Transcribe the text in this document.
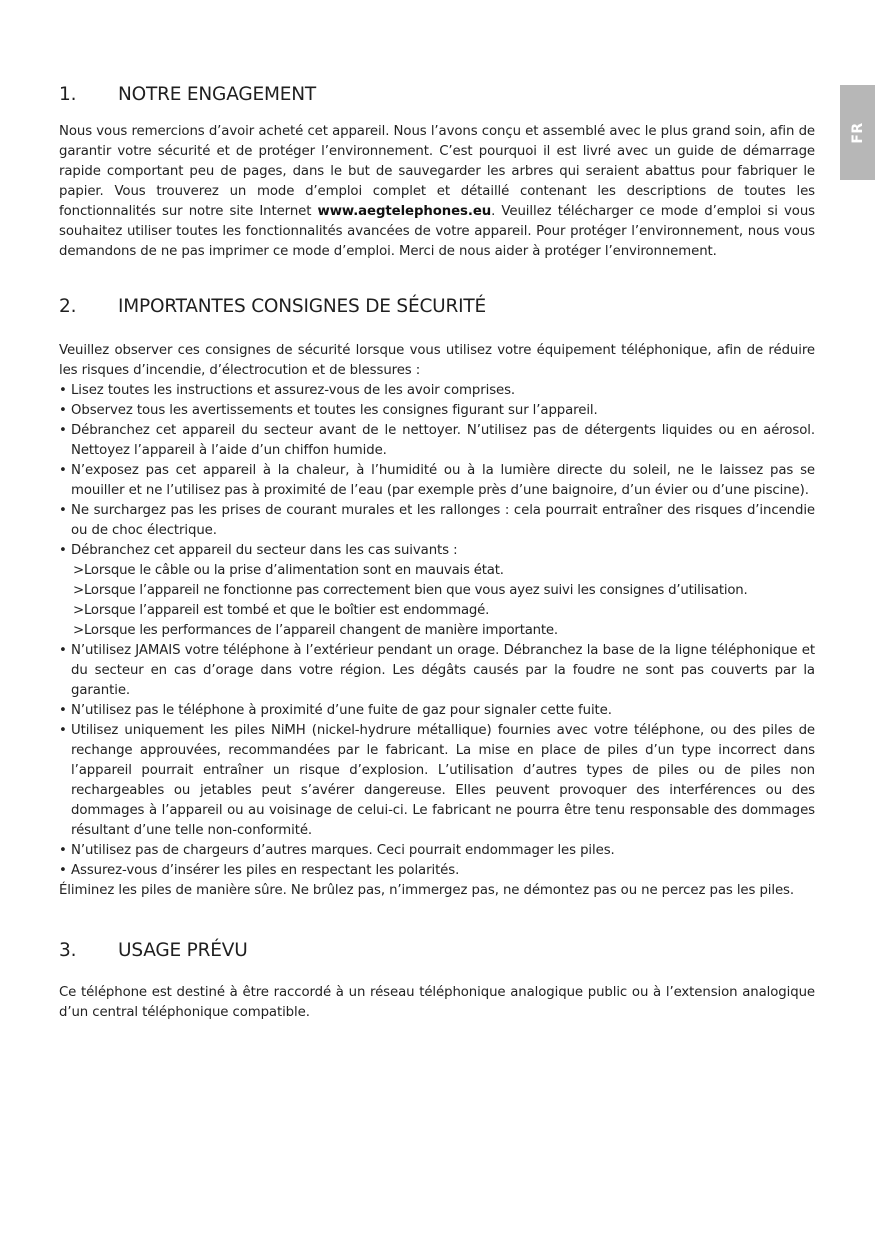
FR
1.	NOTRE ENGAGEMENT

Nous vous remercions d’avoir acheté cet appareil. Nous l’avons conçu et assemblé avec le plus grand soin, afin de garantir votre sécurité et de protéger l’environnement. C’est pourquoi il est livré avec un guide de démarrage rapide comportant peu de pages, dans le but de sauvegarder les arbres qui seraient abattus pour fabriquer le papier. Vous trouverez un mode d’emploi complet et détaillé contenant les descriptions de toutes les fonctionnalités sur notre site Internet www.aegtelephones.eu. Veuillez télécharger ce mode d’emploi si vous souhaitez utiliser toutes les fonctionnalités avancées de votre appareil. Pour protéger l’environnement, nous vous demandons de ne pas imprimer ce mode d’emploi. Merci de nous aider à protéger l’environnement.

2.	IMPORTANTES CONSIGNES DE SÉCURITÉ

Veuillez observer ces consignes de sécurité lorsque vous utilisez votre équipement téléphonique, afin de réduire les risques d’incendie, d’électrocution et de blessures :

• Lisez toutes les instructions et assurez-vous de les avoir comprises.
• Observez tous les avertissements et toutes les consignes figurant sur l’appareil.
• Débranchez cet appareil du secteur avant de le nettoyer. N’utilisez pas de détergents liquides ou en aérosol. Nettoyez l’appareil à l’aide d’un chiffon humide.
• N’exposez pas cet appareil à la chaleur, à l’humidité ou à la lumière directe du soleil, ne le laissez pas se mouiller et ne l’utilisez pas à proximité de l’eau (par exemple près d’une baignoire, d’un évier ou d’une piscine).
• Ne surchargez pas les prises de courant murales et les rallonges : cela pourrait entraîner des risques d’incendie ou de choc électrique.
• Débranchez cet appareil du secteur dans les cas suivants :
>Lorsque le câble ou la prise d’alimentation sont en mauvais état.
>Lorsque l’appareil ne fonctionne pas correctement bien que vous ayez suivi les consignes d’utilisation.
>Lorsque l’appareil est tombé et que le boîtier est endommagé.
>Lorsque les performances de l’appareil changent de manière importante.
• N’utilisez JAMAIS votre téléphone à l’extérieur pendant un orage. Débranchez la base de la ligne téléphonique et du secteur en cas d’orage dans votre région. Les dégâts causés par la foudre ne sont pas couverts par la garantie.
• N’utilisez pas le téléphone à proximité d’une fuite de gaz pour signaler cette fuite.
• Utilisez uniquement les piles NiMH (nickel-hydrure métallique) fournies avec votre téléphone, ou des piles de rechange approuvées, recommandées par le fabricant. La mise en place de piles d’un type incorrect dans l’appareil pourrait entraîner un risque d’explosion. L’utilisation d’autres types de piles ou de piles non rechargeables ou jetables peut s’avérer dangereuse. Elles peuvent provoquer des interférences ou des dommages à l’appareil ou au voisinage de celui-ci. Le fabricant ne pourra être tenu responsable des dommages résultant d’une telle non-conformité.
• N’utilisez pas de chargeurs d’autres marques. Ceci pourrait endommager les piles.
• Assurez-vous d’insérer les piles en respectant les polarités.

Éliminez les piles de manière sûre. Ne brûlez pas, n’immergez pas, ne démontez pas ou ne percez pas les piles.

3.	USAGE PRÉVU

Ce téléphone est destiné à être raccordé à un réseau téléphonique analogique public ou à l’extension analogique d’un central téléphonique compatible.
